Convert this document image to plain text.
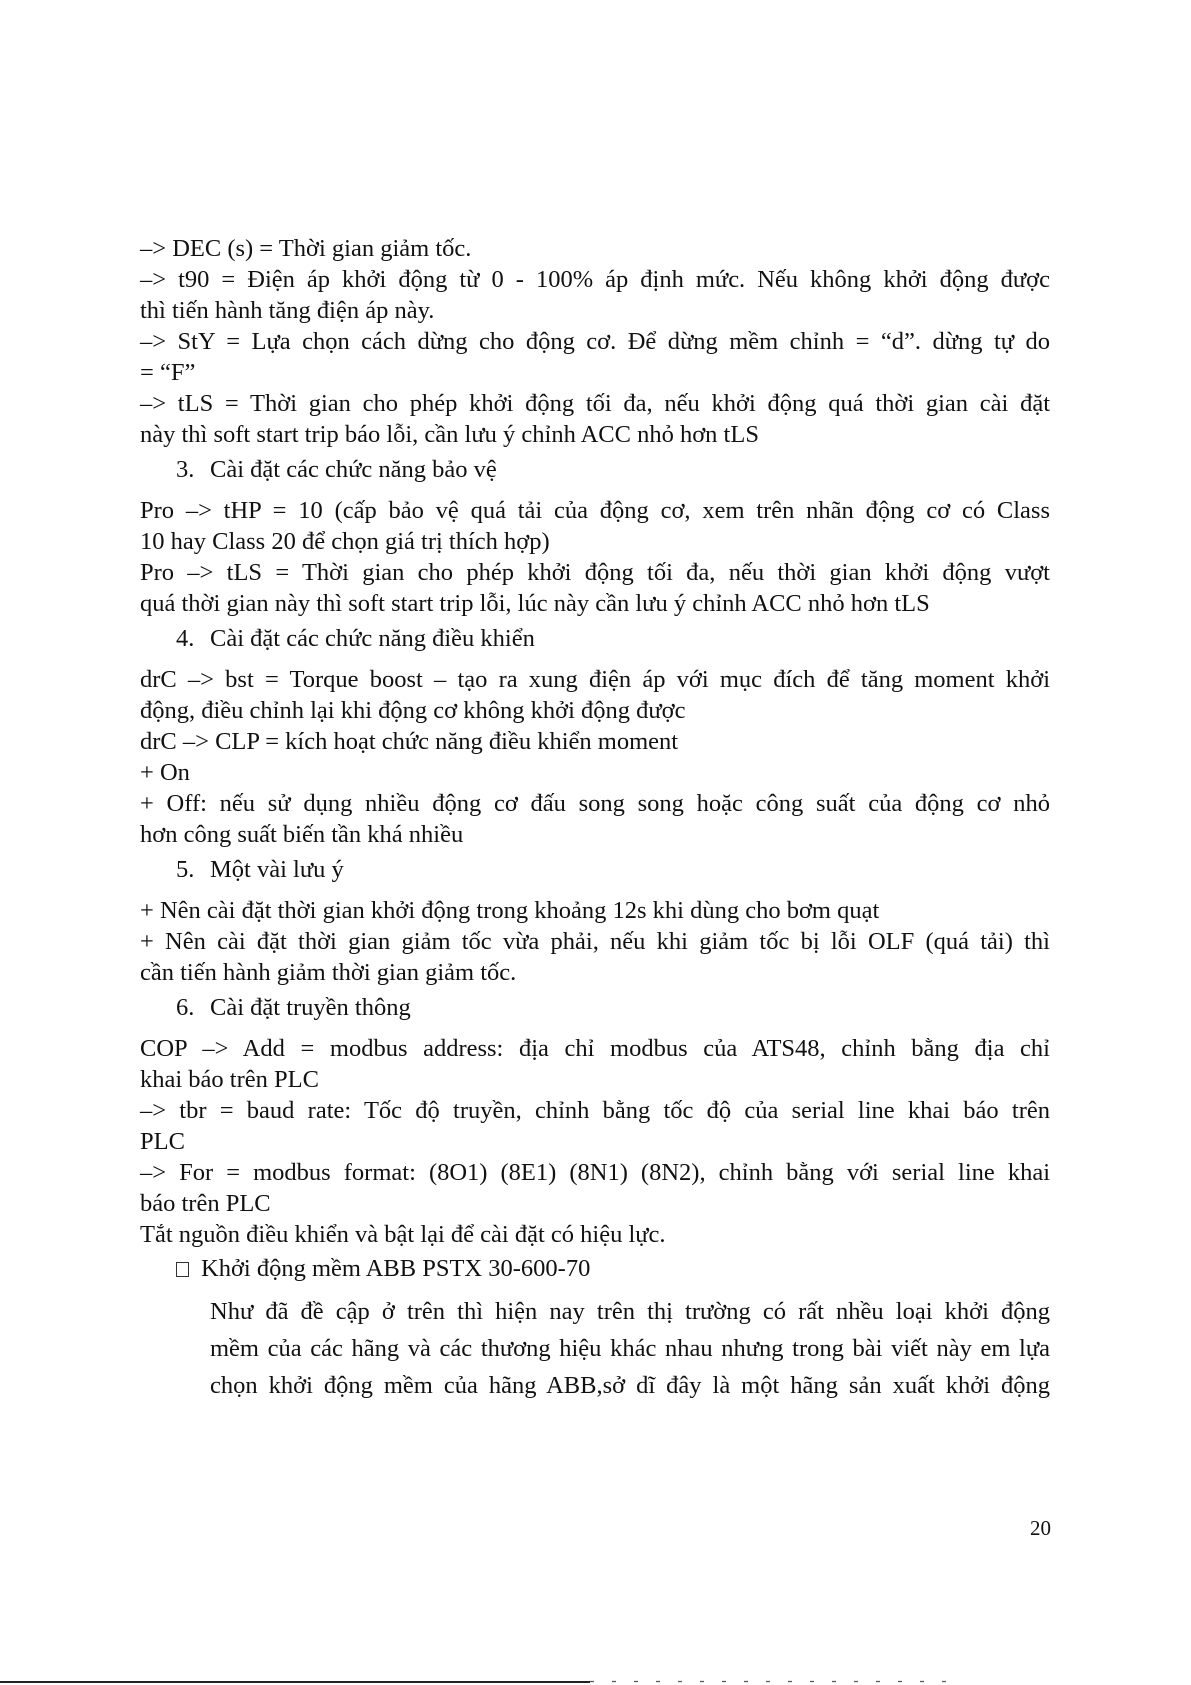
–> DEC (s) = Thời gian giảm tốc.
–> t90 = Điện áp khởi động từ 0 - 100% áp định mức. Nếu không khởi động được
thì tiến hành tăng điện áp này.
–> StY = Lựa chọn cách dừng cho động cơ. Để dừng mềm chỉnh = “d”. dừng tự do
= “F”
–> tLS = Thời gian cho phép khởi động tối đa, nếu khởi động quá thời gian cài đặt
này thì soft start trip báo lỗi, cần lưu ý chỉnh ACC nhỏ hơn tLS
3. Cài đặt các chức năng bảo vệ
Pro –> tHP = 10 (cấp bảo vệ quá tải của động cơ, xem trên nhãn động cơ có Class
10 hay Class 20 để chọn giá trị thích hợp)
Pro –> tLS = Thời gian cho phép khởi động tối đa, nếu thời gian khởi động vượt
quá thời gian này thì soft start trip lỗi, lúc này cần lưu ý chỉnh ACC nhỏ hơn tLS
4. Cài đặt các chức năng điều khiển
drC –> bst = Torque boost – tạo ra xung điện áp với mục đích để tăng moment khởi
động, điều chỉnh lại khi động cơ không khởi động được
drC –> CLP = kích hoạt chức năng điều khiển moment
+ On
+ Off: nếu sử dụng nhiều động cơ đấu song song hoặc công suất của động cơ nhỏ
hơn công suất biến tần khá nhiều
5. Một vài lưu ý
+ Nên cài đặt thời gian khởi động trong khoảng 12s khi dùng cho bơm quạt
+ Nên cài đặt thời gian giảm tốc vừa phải, nếu khi giảm tốc bị lỗi OLF (quá tải) thì
cần tiến hành giảm thời gian giảm tốc.
6. Cài đặt truyền thông
COP –> Add = modbus address: địa chỉ modbus của ATS48, chỉnh bằng địa chỉ
khai báo trên PLC
–> tbr = baud rate: Tốc độ truyền, chỉnh bằng tốc độ của serial line khai báo trên
PLC
–> For = modbus format: (8O1) (8E1) (8N1) (8N2), chỉnh bằng với serial line khai
báo trên PLC
Tắt nguồn điều khiển và bật lại để cài đặt có hiệu lực.
Khởi động mềm ABB PSTX 30-600-70
Như đã đề cập ở trên thì hiện nay trên thị trường có rất nhều loại khởi động
mềm của các hãng và các thương hiệu khác nhau nhưng trong bài viết này em lựa
chọn khởi động mềm của hãng ABB,sở dĩ đây là một hãng sản xuất khởi động
20
